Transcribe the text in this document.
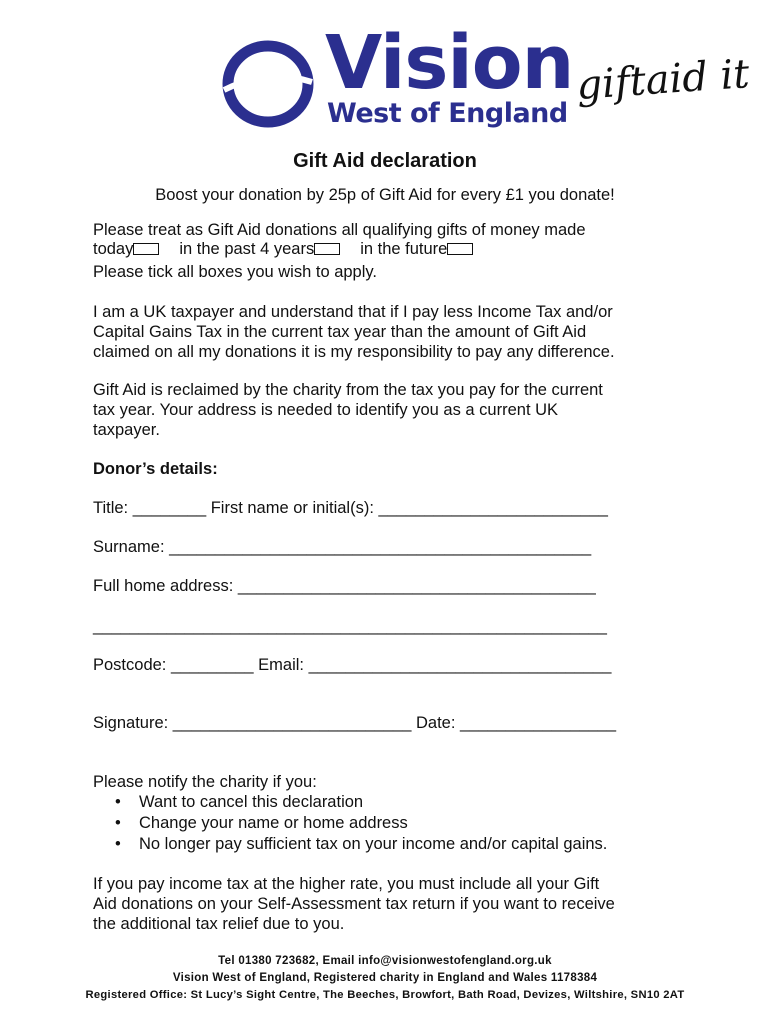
Vision
West of England
giftaid it
Gift Aid declaration
Boost your donation by 25p of Gift Aid for every £1 you donate!
Please treat as Gift Aid donations all qualifying gifts of money made
today	in the past 4 years	in the future
Please tick all boxes you wish to apply.
I am a UK taxpayer and understand that if I pay less Income Tax and/or
Capital Gains Tax in the current tax year than the amount of Gift Aid
claimed on all my donations it is my responsibility to pay any difference.
Gift Aid is reclaimed by the charity from the tax you pay for the current
tax year. Your address is needed to identify you as a current UK
taxpayer.
Donor’s details:
Title: ________ First name or initial(s): _________________________
Surname: ______________________________________________
Full home address: _______________________________________
________________________________________________________
Postcode: _________ Email: _________________________________
Signature: __________________________ Date: _________________
Please notify the charity if you:
• Want to cancel this declaration
• Change your name or home address
• No longer pay sufficient tax on your income and/or capital gains.
If you pay income tax at the higher rate, you must include all your Gift
Aid donations on your Self-Assessment tax return if you want to receive
the additional tax relief due to you.
Tel 01380 723682, Email info@visionwestofengland.org.uk
Vision West of England, Registered charity in England and Wales 1178384
Registered Office: St Lucy’s Sight Centre, The Beeches, Browfort, Bath Road, Devizes, Wiltshire, SN10 2AT
